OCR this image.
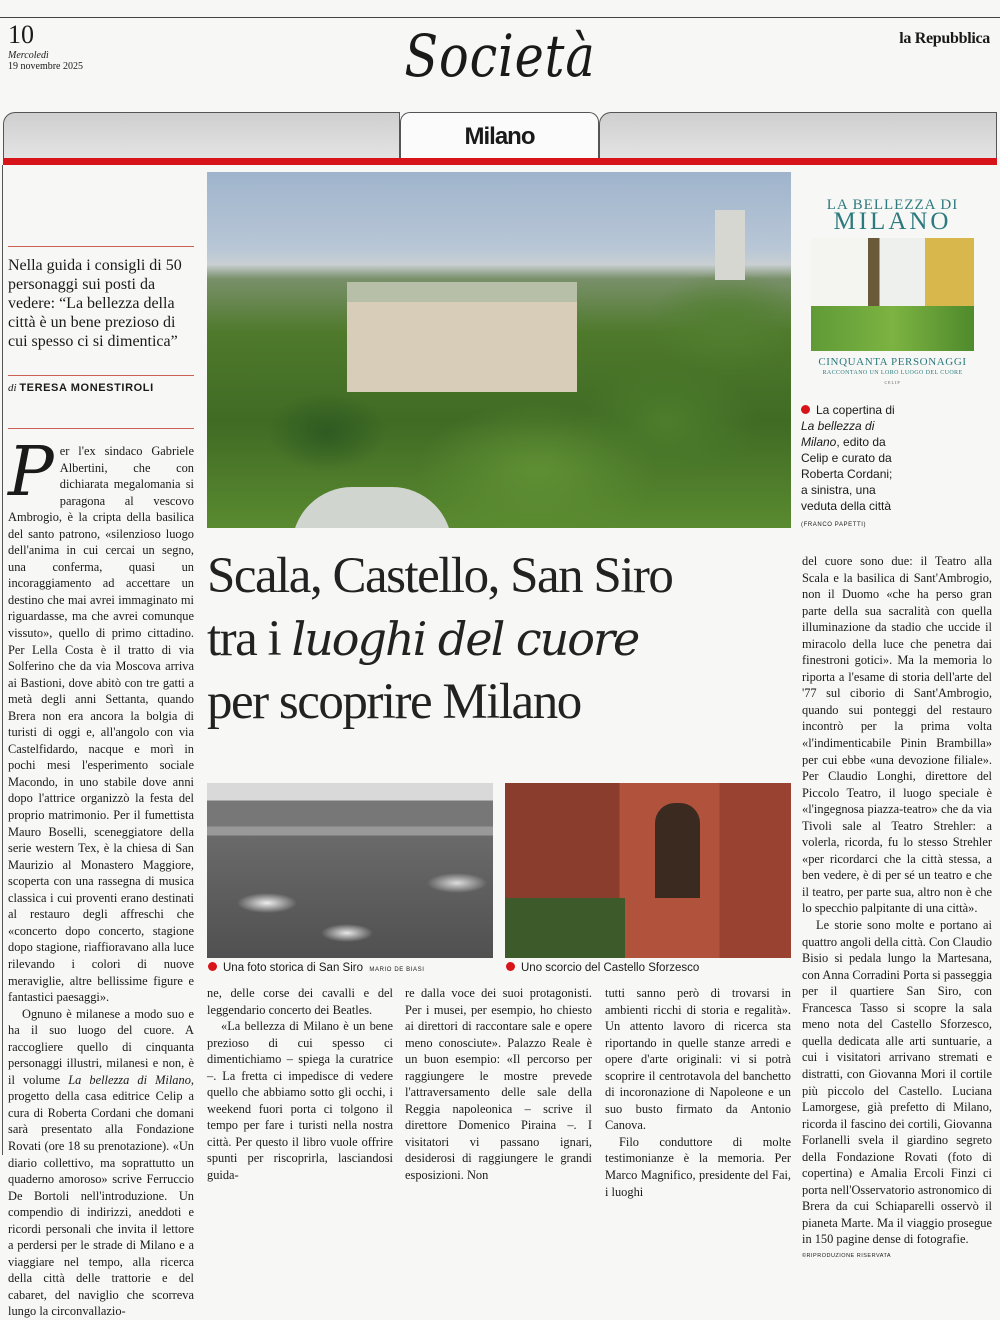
10
Mercoledì
19 novembre 2025	Società	la Repubblica
Milano
Nella guida i consigli di 50 personaggi sui posti da vedere: “La bellezza della città è un bene prezioso di cui spesso ci si dimentica”
di TERESA MONESTIROLI

Per l'ex sindaco Gabriele Albertini, che con dichiarata megalomania si paragona al vescovo Ambrogio, è la cripta della basilica del santo patrono, «silenzioso luogo dell'anima in cui cercai un segno, una conferma, quasi un incoraggiamento ad accettare un destino che mai avrei immaginato mi riguardasse, ma che avrei comunque vissuto», quello di primo cittadino. Per Lella Costa è il tratto di via Solferino che da via Moscova arriva ai Bastioni, dove abitò con tre gatti a metà degli anni Settanta, quando Brera non era ancora la bolgia di turisti di oggi e, all'angolo con via Castelfidardo, nacque e morì in pochi mesi l'esperimento sociale Macondo, in uno stabile dove anni dopo l'attrice organizzò la festa del proprio matrimonio. Per il fumettista Mauro Boselli, sceneggiatore della serie western Tex, è la chiesa di San Maurizio al Monastero Maggiore, scoperta con una rassegna di musica classica i cui proventi erano destinati al restauro degli affreschi che «concerto dopo concerto, stagione dopo stagione, riaffioravano alla luce rilevando i colori di nuove meraviglie, altre bellissime figure e fantastici paesaggi».

Ognuno è milanese a modo suo e ha il suo luogo del cuore. A raccogliere quello di cinquanta personaggi illustri, milanesi e non, è il volume La bellezza di Milano, progetto della casa editrice Celip a cura di Roberta Cordani che domani sarà presentato alla Fondazione Rovati (ore 18 su prenotazione). «Un diario collettivo, ma soprattutto un quaderno amoroso» scrive Ferruccio De Bortoli nell'introduzione. Un compendio di indirizzi, aneddoti e ricordi personali che invita il lettore a perdersi per le strade di Milano e a viaggiare nel tempo, alla ricerca della città delle trattorie e del cabaret, del naviglio che scorreva lungo la circonvallazio-

LA BELLEZZA DI
MILANO
CINQUANTA PERSONAGGI
RACCONTANO UN LORO LUOGO DEL CUORE
CELIP
La copertina di La bellezza di Milano, edito da Celip e curato da Roberta Cordani; a sinistra, una veduta della città (FRANCO PAPETTI)
Scala, Castello, San Siro
tra i luoghi del cuore
per scoprire Milano
Una foto storica di San Siro MARIO DE BIASI	Uno scorcio del Castello Sforzesco

ne, delle corse dei cavalli e del leggendario concerto dei Beatles.

«La bellezza di Milano è un bene prezioso di cui spesso ci dimentichiamo – spiega la curatrice –. La fretta ci impedisce di vedere quello che abbiamo sotto gli occhi, i weekend fuori porta ci tolgono il tempo per fare i turisti nella nostra città. Per questo il libro vuole offrire spunti per riscoprirla, lasciandosi guida-

re dalla voce dei suoi protagonisti. Per i musei, per esempio, ho chiesto ai direttori di raccontare sale e opere meno conosciute». Palazzo Reale è un buon esempio: «Il percorso per raggiungere le mostre prevede l'attraversamento delle sale della Reggia napoleonica – scrive il direttore Domenico Piraina –. I visitatori vi passano ignari, desiderosi di raggiungere le grandi esposizioni. Non

tutti sanno però di trovarsi in ambienti ricchi di storia e regalità». Un attento lavoro di ricerca sta riportando in quelle stanze arredi e opere d'arte originali: vi si potrà scoprire il centrotavola del banchetto di incoronazione di Napoleone e un suo busto firmato da Antonio Canova.

Filo conduttore di molte testimonianze è la memoria. Per Marco Magnifico, presidente del Fai, i luoghi

del cuore sono due: il Teatro alla Scala e la basilica di Sant'Ambrogio, non il Duomo «che ha perso gran parte della sua sacralità con quella illuminazione da stadio che uccide il miracolo della luce che penetra dai finestroni gotici». Ma la memoria lo riporta a l'esame di storia dell'arte del '77 sul ciborio di Sant'Ambrogio, quando sui ponteggi del restauro incontrò per la prima volta «l'indimenticabile Pinin Brambilla» per cui ebbe «una devozione filiale». Per Claudio Longhi, direttore del Piccolo Teatro, il luogo speciale è «l'ingegnosa piazza-teatro» che da via Tivoli sale al Teatro Strehler: a volerla, ricorda, fu lo stesso Strehler «per ricordarci che la città stessa, a ben vedere, è di per sé un teatro e che il teatro, per parte sua, altro non è che lo specchio palpitante di una città».

Le storie sono molte e portano ai quattro angoli della città. Con Claudio Bisio si pedala lungo la Martesana, con Anna Corradini Porta si passeggia per il quartiere San Siro, con Francesca Tasso si scopre la sala meno nota del Castello Sforzesco, quella dedicata alle arti suntuarie, a cui i visitatori arrivano stremati e distratti, con Giovanna Mori il cortile più piccolo del Castello. Luciana Lamorgese, già prefetto di Milano, ricorda il fascino dei cortili, Giovanna Forlanelli svela il giardino segreto della Fondazione Rovati (foto di copertina) e Amalia Ercoli Finzi ci porta nell'Osservatorio astronomico di Brera da cui Schiaparelli osservò il pianeta Marte. Ma il viaggio prosegue in 150 pagine dense di fotografie.

©RIPRODUZIONE RISERVATA
